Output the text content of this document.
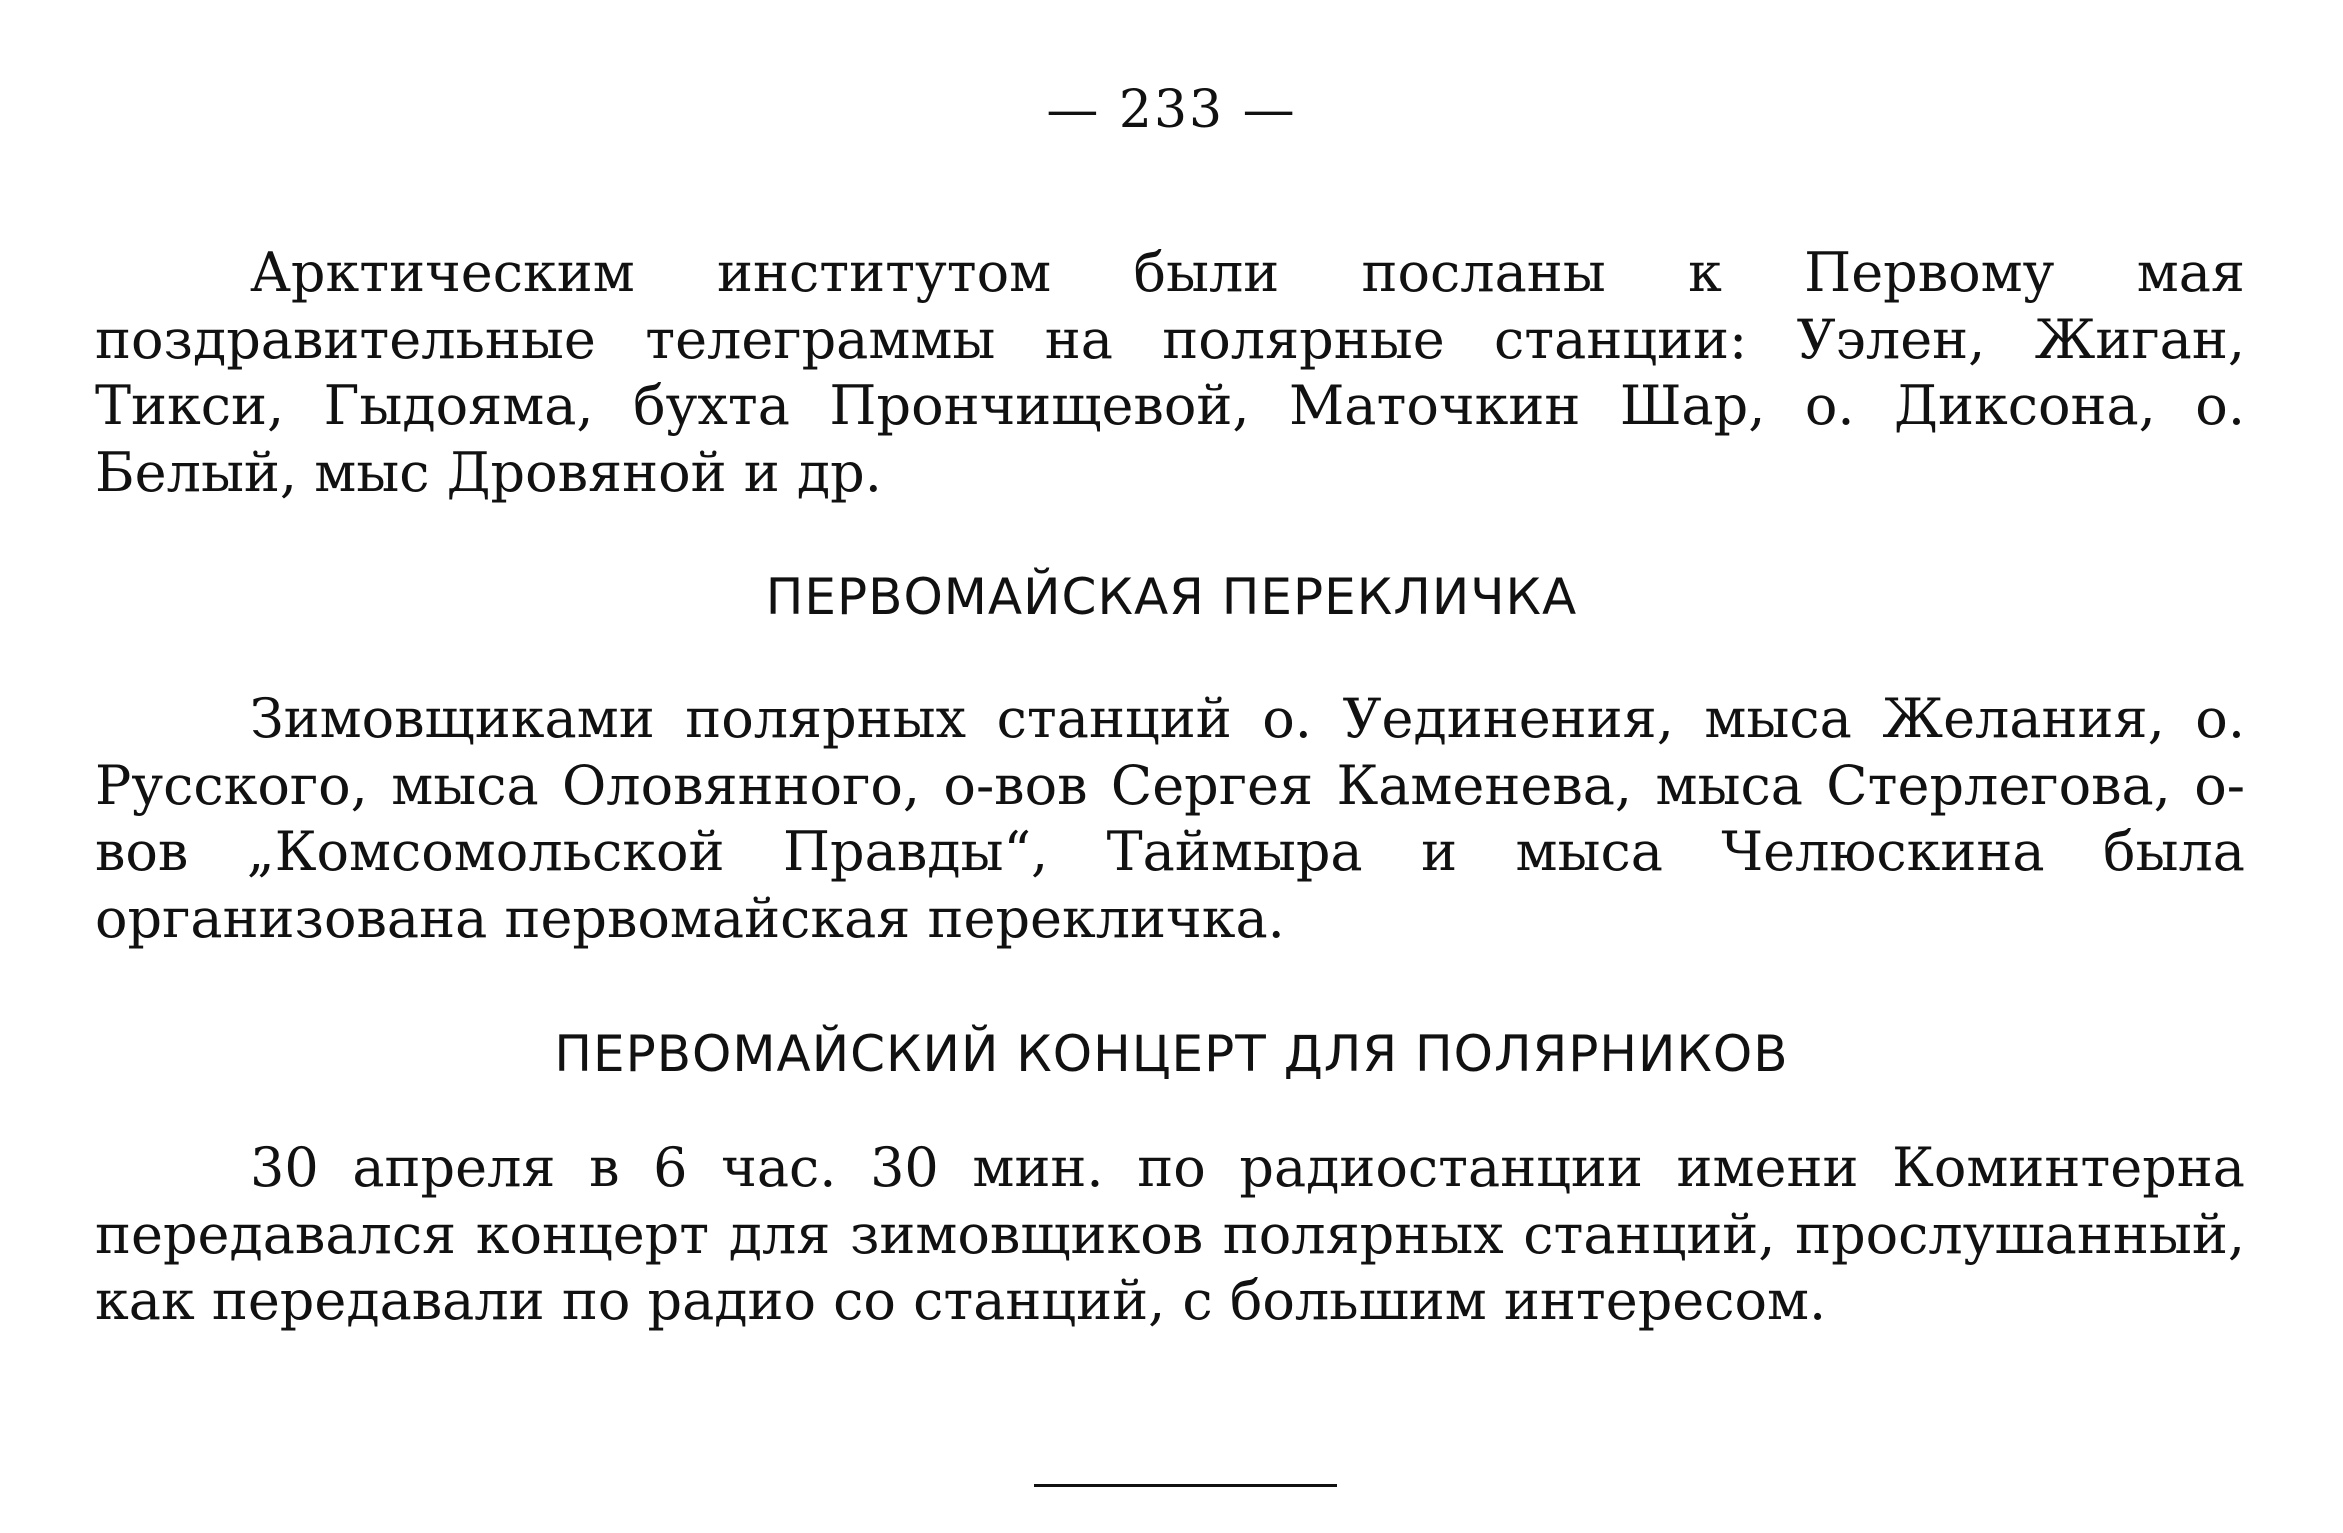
— 233 —

Арктическим институтом были посланы к Первому мая поздравительные телеграммы на полярные станции: Уэлен, Жиган, Тикси, Гыдояма, бухта Прончищевой, Маточкин Шар, о. Диксона, о. Белый, мыс Дровяной и др.

ПЕРВОМАЙСКАЯ ПЕРЕКЛИЧКА

Зимовщиками полярных станций о. Уединения, мыса Желания, о. Русского, мыса Оловянного, о-вов Сергея Каменева, мыса Стерлегова, о-вов „Комсомольской Правды“, Таймыра и мыса Челюскина была организована первомайская перекличка.

ПЕРВОМАЙСКИЙ КОНЦЕРТ ДЛЯ ПОЛЯРНИКОВ

30 апреля в 6 час. 30 мин. по радиостанции имени Коминтерна передавался концерт для зимовщиков полярных станций, прослушанный, как передавали по радио со станций, с большим интересом.
